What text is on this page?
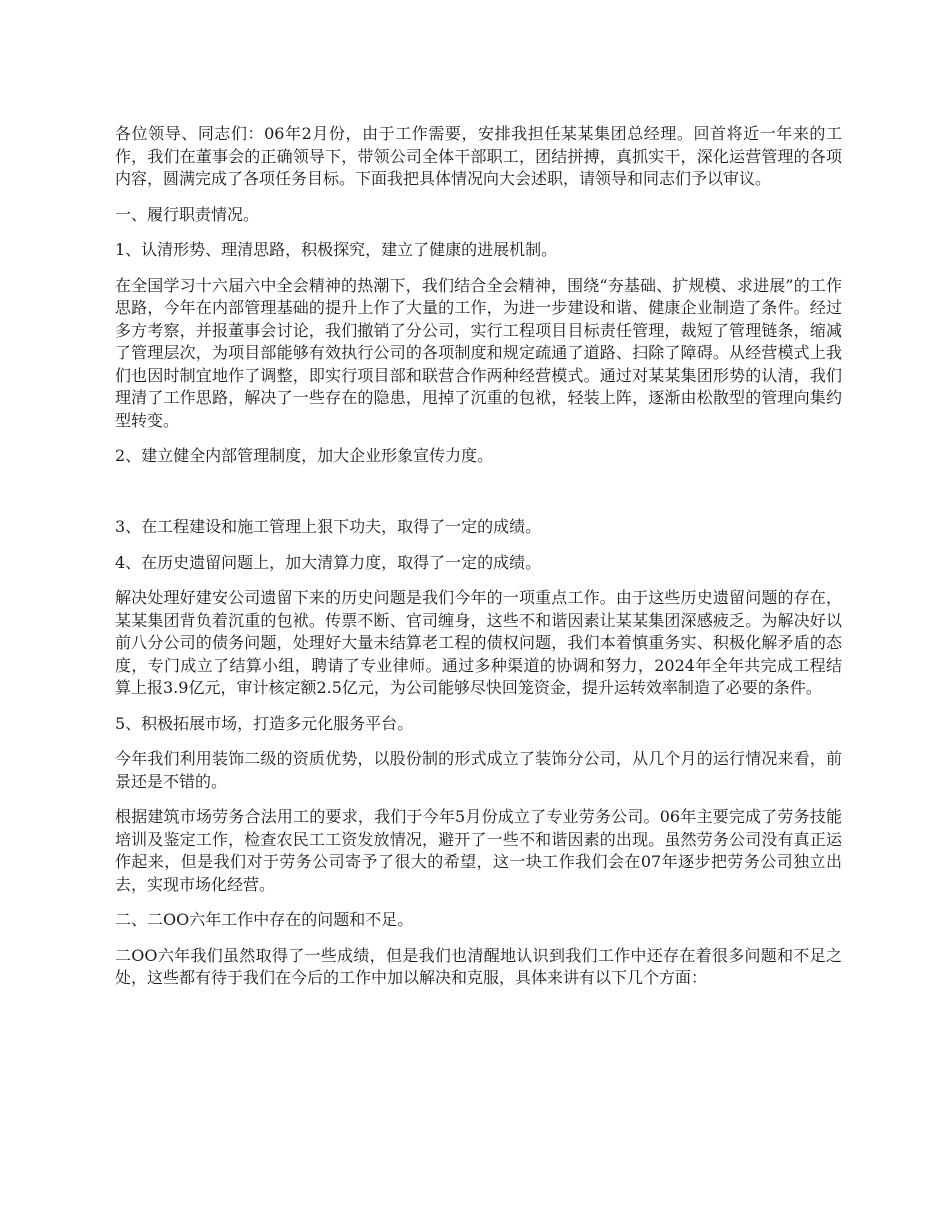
各位领导、同志们：06年2月份，由于工作需要，安排我担任某某集团总经理。回首将近一年来的工作，我们在董事会的正确领导下，带领公司全体干部职工，团结拼搏，真抓实干，深化运营管理的各项内容，圆满完成了各项任务目标。下面我把具体情况向大会述职，请领导和同志们予以审议。

一、履行职责情况。

1、认清形势、理清思路，积极探究，建立了健康的进展机制。

在全国学习十六届六中全会精神的热潮下，我们结合全会精神，围绕“夯基础、扩规模、求进展”的工作思路，今年在内部管理基础的提升上作了大量的工作，为进一步建设和谐、健康企业制造了条件。经过多方考察，并报董事会讨论，我们撤销了分公司，实行工程项目目标责任管理，裁短了管理链条，缩减了管理层次，为项目部能够有效执行公司的各项制度和规定疏通了道路、扫除了障碍。从经营模式上我们也因时制宜地作了调整，即实行项目部和联营合作两种经营模式。通过对某某集团形势的认清，我们理清了工作思路，解决了一些存在的隐患，甩掉了沉重的包袱，轻装上阵，逐渐由松散型的管理向集约型转变。

2、建立健全内部管理制度，加大企业形象宣传力度。

3、在工程建设和施工管理上狠下功夫，取得了一定的成绩。

4、在历史遗留问题上，加大清算力度，取得了一定的成绩。

解决处理好建安公司遗留下来的历史问题是我们今年的一项重点工作。由于这些历史遗留问题的存在，某某集团背负着沉重的包袱。传票不断、官司缠身，这些不和谐因素让某某集团深感疲乏。为解决好以前八分公司的债务问题，处理好大量未结算老工程的债权问题，我们本着慎重务实、积极化解矛盾的态度，专门成立了结算小组，聘请了专业律师。通过多种渠道的协调和努力，2024年全年共完成工程结算上报3.9亿元，审计核定额2.5亿元，为公司能够尽快回笼资金，提升运转效率制造了必要的条件。

5、积极拓展市场，打造多元化服务平台。

今年我们利用装饰二级的资质优势，以股份制的形式成立了装饰分公司，从几个月的运行情况来看，前景还是不错的。

根据建筑市场劳务合法用工的要求，我们于今年5月份成立了专业劳务公司。06年主要完成了劳务技能培训及鉴定工作，检查农民工工资发放情况，避开了一些不和谐因素的出现。虽然劳务公司没有真正运作起来，但是我们对于劳务公司寄予了很大的希望，这一块工作我们会在07年逐步把劳务公司独立出去，实现市场化经营。

二、二OO六年工作中存在的问题和不足。

二OO六年我们虽然取得了一些成绩，但是我们也清醒地认识到我们工作中还存在着很多问题和不足之处，这些都有待于我们在今后的工作中加以解决和克服，具体来讲有以下几个方面：
